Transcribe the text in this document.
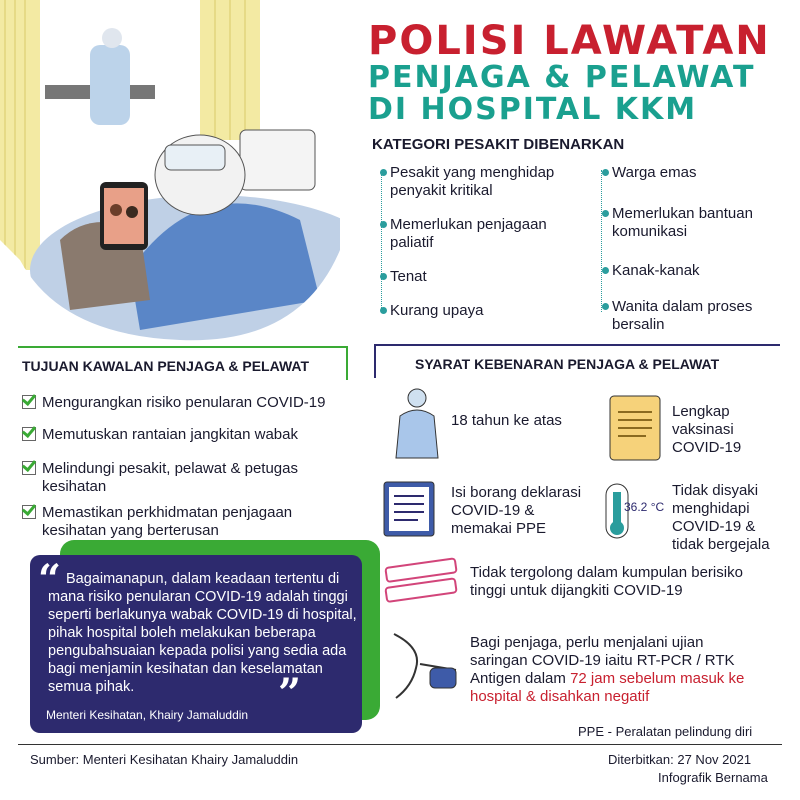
POLISI LAWATAN
PENJAGA & PELAWAT
DI HOSPITAL KKM
KATEGORI PESAKIT DIBENARKAN
Pesakit yang menghidap penyakit kritikal
Memerlukan penjagaan paliatif
Tenat
Kurang upaya
Warga emas
Memerlukan bantuan komunikasi
Kanak-kanak
Wanita dalam proses bersalin
TUJUAN KAWALAN PENJAGA & PELAWAT
Mengurangkan risiko penularan COVID-19
Memutuskan rantaian jangkitan wabak
Melindungi pesakit, pelawat & petugas kesihatan
Memastikan perkhidmatan penjagaan kesihatan yang berterusan
SYARAT KEBENARAN PENJAGA & PELAWAT
18 tahun ke atas
Lengkap vaksinasi COVID-19
Isi borang deklarasi COVID-19 & memakai PPE
36.2 °C
Tidak disyaki menghidapi COVID-19 & tidak bergejala
Tidak tergolong dalam kumpulan berisiko tinggi untuk dijangkiti COVID-19
Bagi penjaga, perlu menjalani ujian saringan COVID-19 iaitu RT-PCR / RTK Antigen dalam 72 jam sebelum masuk ke hospital & disahkan negatif
“ Bagaimanapun, dalam keadaan tertentu di mana risiko penularan COVID-19 adalah tinggi seperti berlakunya wabak COVID-19 di hospital, pihak hospital boleh melakukan beberapa pengubahsuaian kepada polisi yang sedia ada bagi menjamin kesihatan dan keselamatan semua pihak.	”
Menteri Kesihatan, Khairy Jamaluddin
PPE - Peralatan pelindung diri
Sumber: Menteri Kesihatan Khairy Jamaluddin	Diterbitkan: 27 Nov 2021
Infografik Bernama
